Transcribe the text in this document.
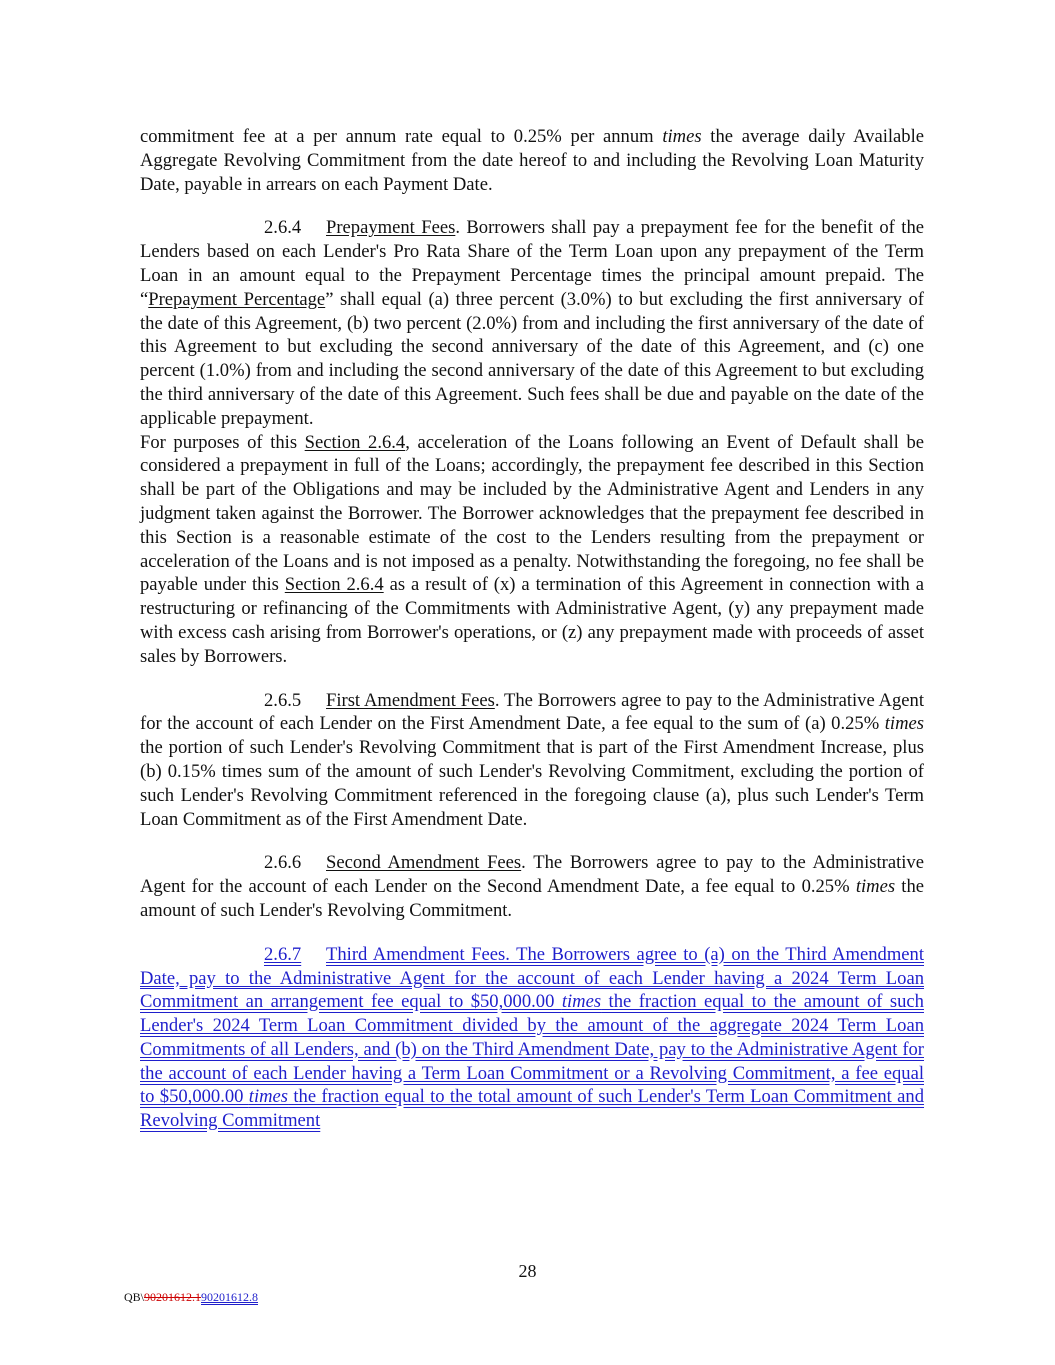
commitment fee at a per annum rate equal to 0.25% per annum times the average daily Available Aggregate Revolving Commitment from the date hereof to and including the Revolving Loan Maturity Date, payable in arrears on each Payment Date.

2.6.4 Prepayment Fees. Borrowers shall pay a prepayment fee for the benefit of the Lenders based on each Lender's Pro Rata Share of the Term Loan upon any prepayment of the Term Loan in an amount equal to the Prepayment Percentage times the principal amount prepaid. The “Prepayment Percentage” shall equal (a) three percent (3.0%) to but excluding the first anniversary of the date of this Agreement, (b) two percent (2.0%) from and including the first anniversary of the date of this Agreement to but excluding the second anniversary of the date of this Agreement, and (c) one percent (1.0%) from and including the second anniversary of the date of this Agreement to but excluding the third anniversary of the date of this Agreement. Such fees shall be due and payable on the date of the applicable prepayment.
For purposes of this Section 2.6.4, acceleration of the Loans following an Event of Default shall be considered a prepayment in full of the Loans; accordingly, the prepayment fee described in this Section shall be part of the Obligations and may be included by the Administrative Agent and Lenders in any judgment taken against the Borrower. The Borrower acknowledges that the prepayment fee described in this Section is a reasonable estimate of the cost to the Lenders resulting from the prepayment or acceleration of the Loans and is not imposed as a penalty. Notwithstanding the foregoing, no fee shall be payable under this Section 2.6.4 as a result of (x) a termination of this Agreement in connection with a restructuring or refinancing of the Commitments with Administrative Agent, (y) any prepayment made with excess cash arising from Borrower's operations, or (z) any prepayment made with proceeds of asset sales by Borrowers.

2.6.5 First Amendment Fees. The Borrowers agree to pay to the Administrative Agent for the account of each Lender on the First Amendment Date, a fee equal to the sum of (a) 0.25% times the portion of such Lender's Revolving Commitment that is part of the First Amendment Increase, plus (b) 0.15% times sum of the amount of such Lender's Revolving Commitment, excluding the portion of such Lender's Revolving Commitment referenced in the foregoing clause (a), plus such Lender's Term Loan Commitment as of the First Amendment Date.

2.6.6 Second Amendment Fees. The Borrowers agree to pay to the Administrative Agent for the account of each Lender on the Second Amendment Date, a fee equal to 0.25% times the amount of such Lender's Revolving Commitment.

2.6.7 Third Amendment Fees. The Borrowers agree to (a) on the Third Amendment Date, pay to the Administrative Agent for the account of each Lender having a 2024 Term Loan Commitment an arrangement fee equal to $50,000.00 times the fraction equal to the amount of such Lender's 2024 Term Loan Commitment divided by the amount of the aggregate 2024 Term Loan Commitments of all Lenders, and (b) on the Third Amendment Date, pay to the Administrative Agent for the account of each Lender having a Term Loan Commitment or a Revolving Commitment, a fee equal to $50,000.00 times the fraction equal to the total amount of such Lender's Term Loan Commitment and Revolving Commitment

28
QB\90201612.190201612.8
